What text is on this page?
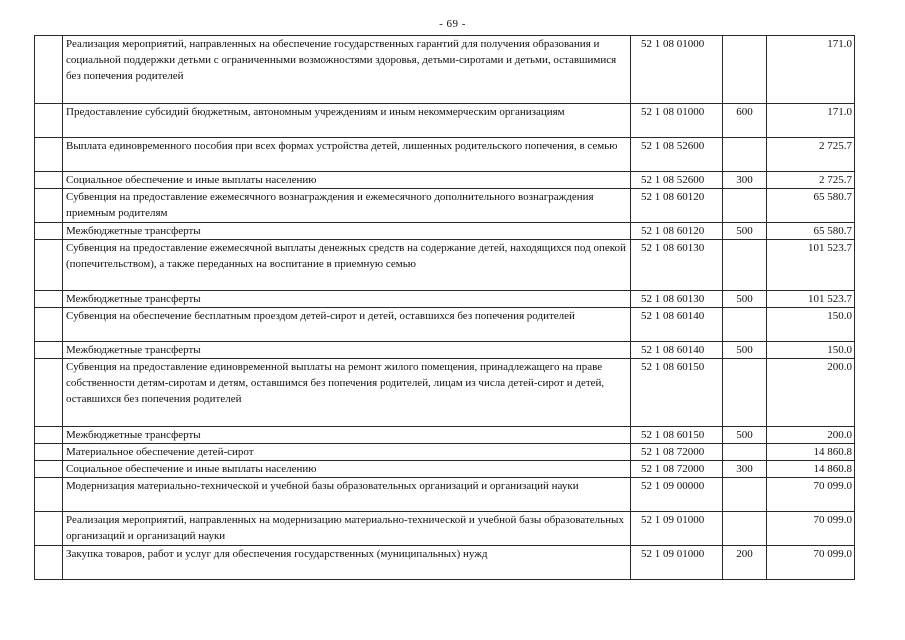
- 69 -
	Реализация мероприятий, направленных на обеспечение государственных гарантий для получения образования и социальной поддержки детьми с ограниченными возможностями здоровья, детьми-сиротами и детьми, оставшимися без попечения родителей	52 1 08 01000		171.0
	Предоставление субсидий бюджетным, автономным учреждениям и иным некоммерческим организациям	52 1 08 01000	600	171.0
	Выплата единовременного пособия при всех формах устройства детей, лишенных родительского попечения, в семью	52 1 08 52600		2 725.7
	Социальное обеспечение и иные выплаты населению	52 1 08 52600	300	2 725.7
	Субвенция на предоставление ежемесячного вознаграждения и ежемесячного дополнительного вознаграждения приемным родителям	52 1 08 60120		65 580.7
	Межбюджетные трансферты	52 1 08 60120	500	65 580.7
	Субвенция на предоставление ежемесячной выплаты денежных средств на содержание детей, находящихся под опекой (попечительством), а также переданных на воспитание в приемную семью	52 1 08 60130		101 523.7
	Межбюджетные трансферты	52 1 08 60130	500	101 523.7
	Субвенция на обеспечение бесплатным проездом детей-сирот и детей, оставшихся без попечения родителей	52 1 08 60140		150.0
	Межбюджетные трансферты	52 1 08 60140	500	150.0
	Субвенция на предоставление единовременной выплаты на ремонт жилого помещения, принадлежащего на праве собственности детям-сиротам и детям, оставшимся без попечения родителей, лицам из числа детей-сирот и детей, оставшихся без попечения родителей	52 1 08 60150		200.0
	Межбюджетные трансферты	52 1 08 60150	500	200.0
	Материальное обеспечение детей-сирот	52 1 08 72000		14 860.8
	Социальное обеспечение и иные выплаты населению	52 1 08 72000	300	14 860.8
	Модернизация материально-технической и учебной базы образовательных организаций и организаций науки	52 1 09 00000		70 099.0
	Реализация мероприятий, направленных на модернизацию материально-технической и учебной базы образовательных организаций и организаций науки	52 1 09 01000		70 099.0
	Закупка товаров, работ и услуг для обеспечения государственных (муниципальных) нужд	52 1 09 01000	200	70 099.0
